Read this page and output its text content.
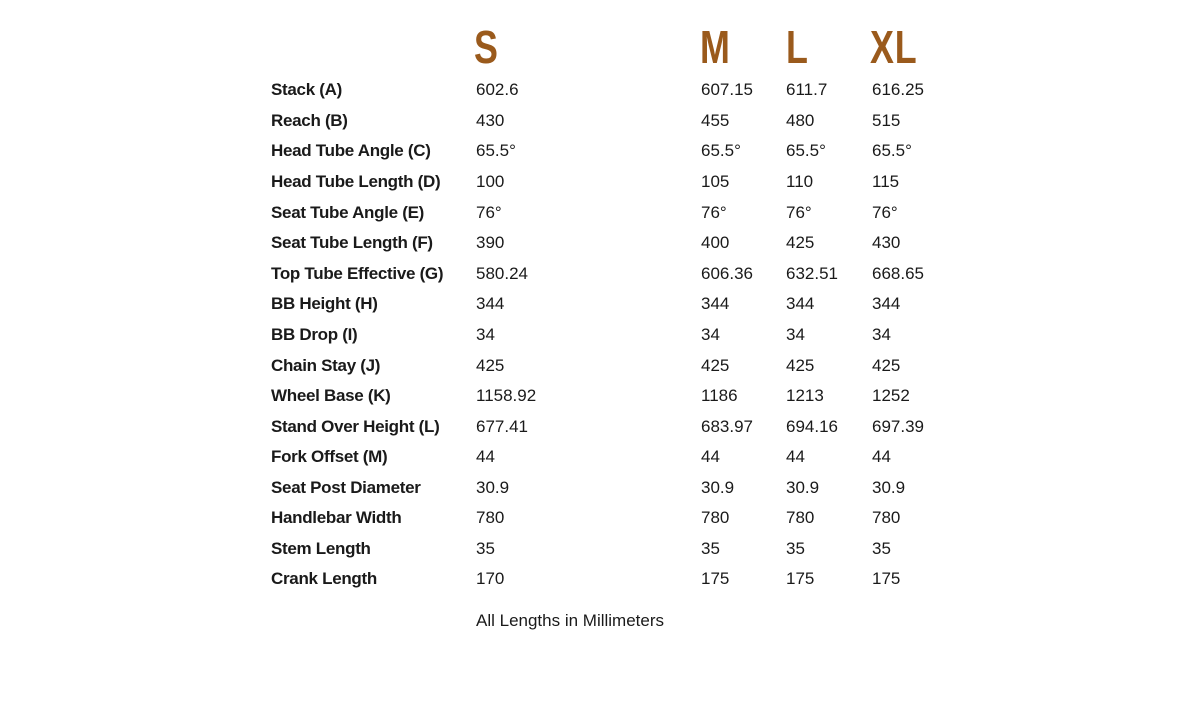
S	M L XL
Stack (A)	602.6	607.15 611.7	616.25
Reach (B)	430	455	480	515
Head Tube Angle (C)	65.5°	65.5°	65.5°	65.5°
Head Tube Length (D) 100	105	110	115
Seat Tube Angle (E)	76°	76°	76°	76°
Seat Tube Length (F)	390	400	425	430
Top Tube Effective (G) 580.24	606.36 632.51 668.65
BB Height (H)	344	344	344	344
BB Drop (I)	34	34	34	34
Chain Stay (J)	425	425	425	425
Wheel Base (K)	1158.92	1186	1213	1252
Stand Over Height (L) 677.41	683.97 694.16 697.39
Fork Offset (M)	44	44	44	44
Seat Post Diameter	30.9	30.9	30.9	30.9
Handlebar Width	780	780	780	780
Stem Length	35	35	35	35
Crank Length	170	175	175	175
All Lengths in Millimeters
